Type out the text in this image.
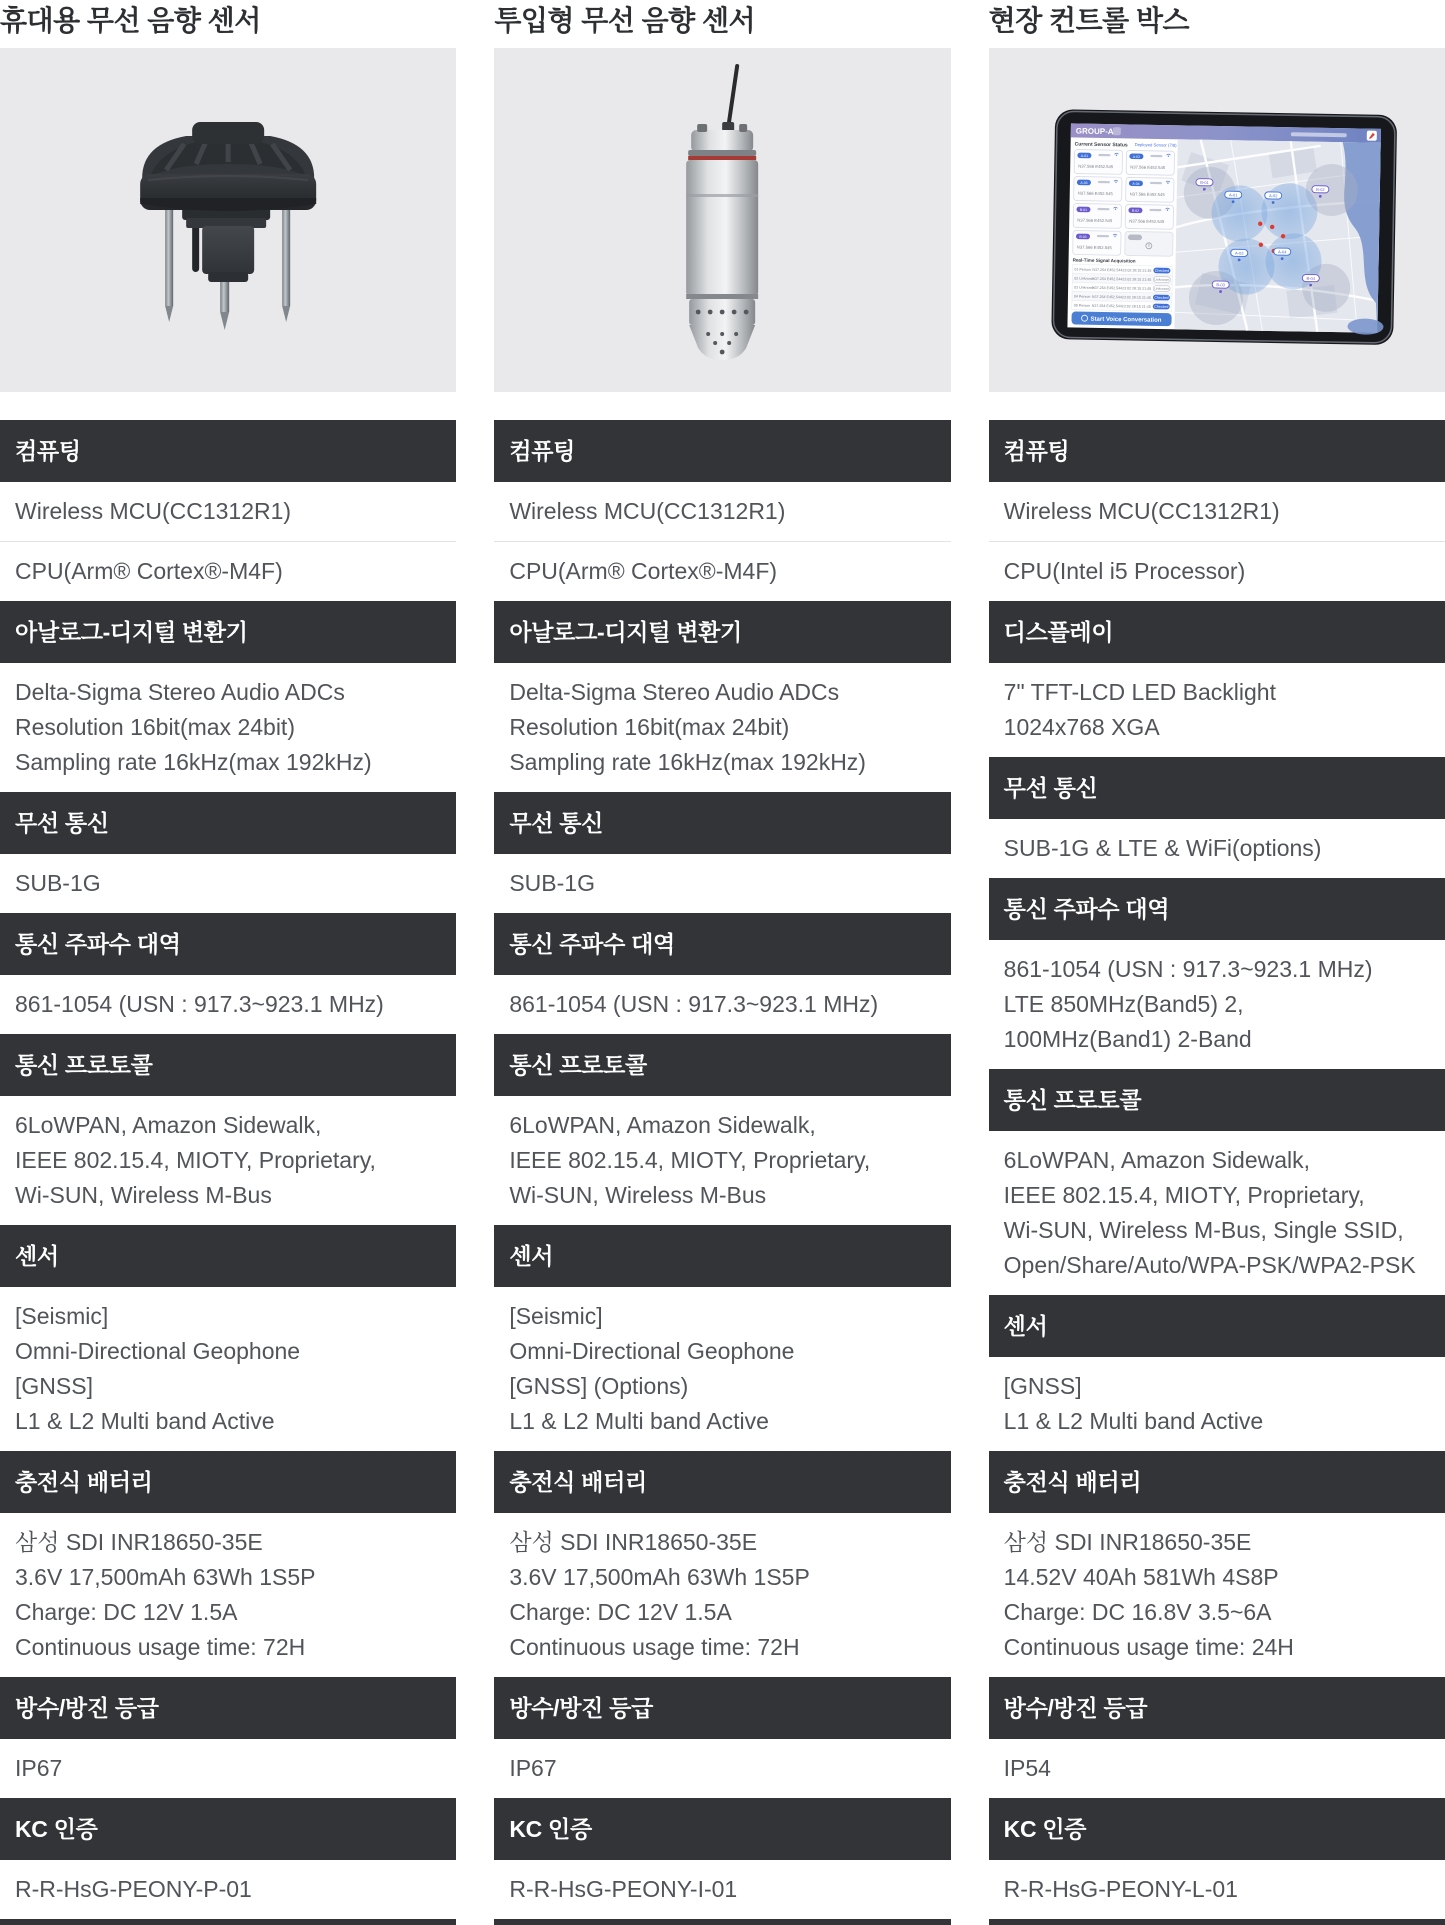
휴대용 무선 음향 센서
컴퓨팅
Wireless MCU(CC1312R1)
CPU(Arm® Cortex®-M4F)
아날로그-디지털 변환기
Delta-Sigma Stereo Audio ADCs
Resolution 16bit(max 24bit)
Sampling rate 16kHz(max 192kHz)
무선 통신
SUB-1G
통신 주파수 대역
861-1054 (USN : 917.3~923.1 MHz)
통신 프로토콜
6LoWPAN, Amazon Sidewalk,
IEEE 802.15.4, MIOTY, Proprietary,
Wi-SUN, Wireless M-Bus
센서
[Seismic]
Omni-Directional Geophone
[GNSS]
L1 & L2 Multi band Active
충전식 배터리
삼성 SDI INR18650-35E
3.6V 17,500mAh 63Wh 1S5P
Charge: DC 12V 1.5A
Continuous usage time: 72H
방수/방진 등급
IP67
KC 인증
R-R-HsG-PEONY-P-01
투입형 무선 음향 센서
컴퓨팅
Wireless MCU(CC1312R1)
CPU(Arm® Cortex®-M4F)
아날로그-디지털 변환기
Delta-Sigma Stereo Audio ADCs
Resolution 16bit(max 24bit)
Sampling rate 16kHz(max 192kHz)
무선 통신
SUB-1G
통신 주파수 대역
861-1054 (USN : 917.3~923.1 MHz)
통신 프로토콜
6LoWPAN, Amazon Sidewalk,
IEEE 802.15.4, MIOTY, Proprietary,
Wi-SUN, Wireless M-Bus
센서
[Seismic]
Omni-Directional Geophone
[GNSS] (Options)
L1 & L2 Multi band Active
충전식 배터리
삼성 SDI INR18650-35E
3.6V 17,500mAh 63Wh 1S5P
Charge: DC 12V 1.5A
Continuous usage time: 72H
방수/방진 등급
IP67
KC 인증
R-R-HsG-PEONY-I-01
현장 컨트롤 박스
GROUP-A
Current Sensor Status Deployed Sensor (7/8)
A-01
N37.566 E452.545
A-02
N37.566 E452.545
A-03
N37.566 E452.545
A-04
N37.566 E452.545
B-01
N37.566 E452.545
B-02
N37.566 E452.545
B-03
N37.566 E452.545
Real-Time Signal Acquisition
01 Person N37.254 E452.544 23:02 28:15 21:45 Checked
02 Unknown
N37.254 E452.544 23:02 28:15 21:45 Unknown
03 Unknown
N37.254 E452.544 23:02 28:15 21:45 Unknown
04 Person N37.254 E452.544 23:02 28:15 21:45 Checked
05 Person N37.254 E452.544 23:02 28:15 21:45 Checked
Start Voice Conversation
B-01
A-01	A-02
B-02
A-03	A-04
B-03
B-04
컴퓨팅
Wireless MCU(CC1312R1)
CPU(Intel i5 Processor)
디스플레이
7" TFT-LCD LED Backlight
1024x768 XGA
무선 통신
SUB-1G & LTE & WiFi(options)
통신 주파수 대역
861-1054 (USN : 917.3~923.1 MHz)
LTE 850MHz(Band5) 2,
100MHz(Band1) 2-Band
통신 프로토콜
6LoWPAN, Amazon Sidewalk,
IEEE 802.15.4, MIOTY, Proprietary,
Wi-SUN, Wireless M-Bus, Single SSID,
Open/Share/Auto/WPA-PSK/WPA2-PSK
센서
[GNSS]
L1 & L2 Multi band Active
충전식 배터리
삼성 SDI INR18650-35E
14.52V 40Ah 581Wh 4S8P
Charge: DC 16.8V 3.5~6A
Continuous usage time: 24H
방수/방진 등급
IP54
KC 인증
R-R-HsG-PEONY-L-01
